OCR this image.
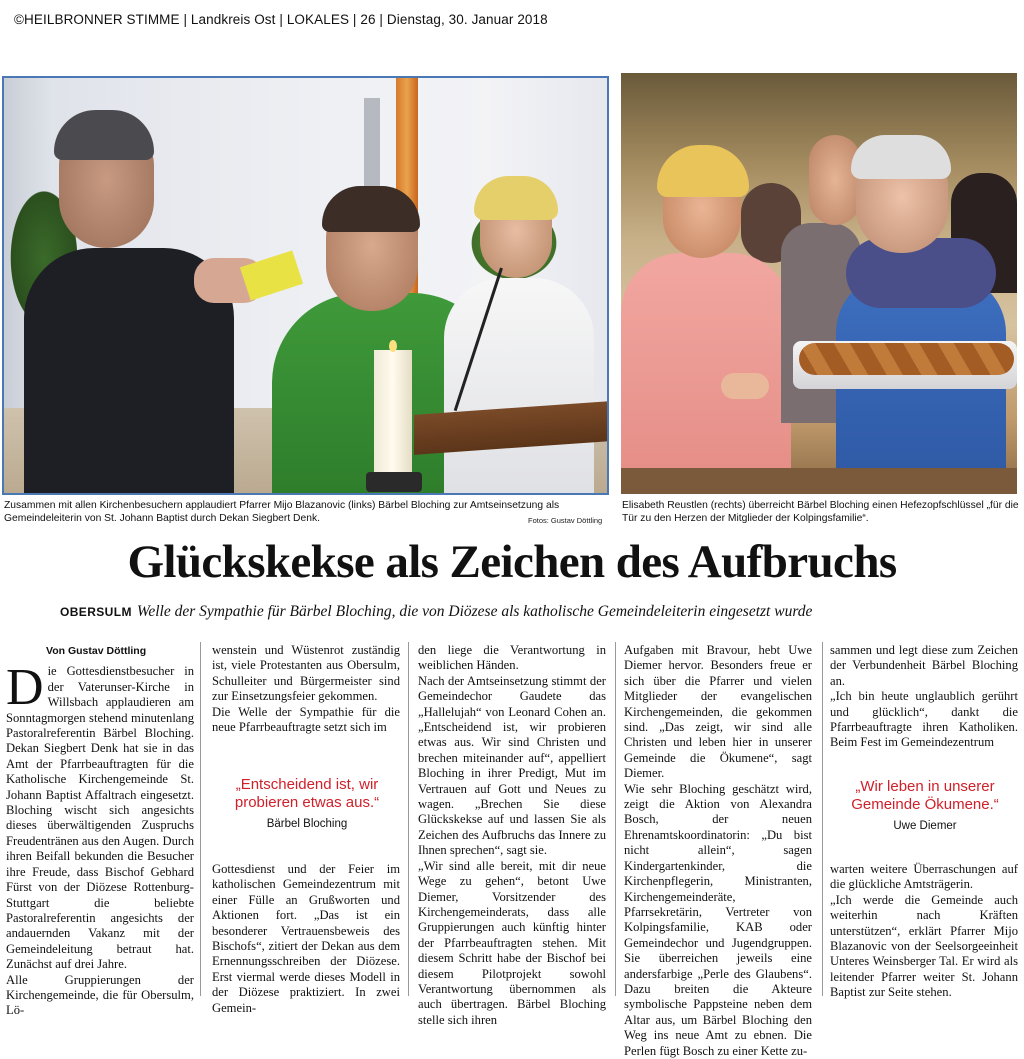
©HEILBRONNER STIMME | Landkreis Ost | LOKALES | 26 | Dienstag, 30. Januar 2018
Zusammen mit allen Kirchenbesuchern applaudiert Pfarrer Mijo Blazanovic (links) Bärbel Bloching zur Amtseinsetzung als Gemeindeleiterin von St. Johann Baptist durch Dekan Siegbert Denk.	Fotos: Gustav Döttling
Elisabeth Reustlen (rechts) überreicht Bärbel Bloching einen Hefezopfschlüssel „für die Tür zu den Herzen der Mitglieder der Kolpingsfamilie“.
Glückskekse als Zeichen des Aufbruchs
OBERSULM Welle der Sympathie für Bärbel Bloching, die von Diözese als katholische Gemeindeleiterin eingesetzt wurde
Von Gustav Döttling

Die Gottesdienstbesucher in der Vaterunser-Kirche in Willsbach applaudieren am Sonntagmorgen stehend minutenlang Pastoralreferentin Bärbel Bloching. Dekan Siegbert Denk hat sie in das Amt der Pfarrbeauftragten für die Katholische Kirchengemeinde St. Johann Baptist Affaltrach eingesetzt. Bloching wischt sich angesichts dieses überwältigenden Zuspruchs Freudentränen aus den Augen. Durch ihren Beifall bekunden die Besucher ihre Freude, dass Bischof Gebhard Fürst von der Diözese Rottenburg-Stuttgart die beliebte Pastoralreferentin angesichts der andauernden Vakanz mit der Gemeindeleitung betraut hat. Zunächst auf drei Jahre.
Alle Gruppierungen der Kirchengemeinde, die für Obersulm, Lö-

wenstein und Wüstenrot zuständig ist, viele Protestanten aus Obersulm, Schulleiter und Bürgermeister sind zur Einsetzungsfeier gekommen.
Die Welle der Sympathie für die neue Pfarrbeauftragte setzt sich im

„Entscheidend ist, wir probieren etwas aus.“
Bärbel Bloching

Gottesdienst und der Feier im katholischen Gemeindezentrum mit einer Fülle an Grußworten und Aktionen fort. „Das ist ein besonderer Vertrauensbeweis des Bischofs“, zitiert der Dekan aus dem Ernennungsschreiben der Diözese. Erst viermal werde dieses Modell in der Diözese praktiziert. In zwei Gemein-

den liege die Verantwortung in weiblichen Händen.
Nach der Amtseinsetzung stimmt der Gemeindechor Gaudete das „Hallelujah“ von Leonard Cohen an. „Entscheidend ist, wir probieren etwas aus. Wir sind Christen und brechen miteinander auf“, appelliert Bloching in ihrer Predigt, Mut im Vertrauen auf Gott und Neues zu wagen. „Brechen Sie diese Glückskekse auf und lassen Sie als Zeichen des Aufbruchs das Innere zu Ihnen sprechen“, sagt sie.
„Wir sind alle bereit, mit dir neue Wege zu gehen“, betont Uwe Diemer, Vorsitzender des Kirchengemeinderats, dass alle Gruppierungen auch künftig hinter der Pfarrbeauftragten stehen. Mit diesem Schritt habe der Bischof bei diesem Pilotprojekt sowohl Verantwortung übernommen als auch übertragen. Bärbel Bloching stelle sich ihren

Aufgaben mit Bravour, hebt Uwe Diemer hervor. Besonders freue er sich über die Pfarrer und vielen Mitglieder der evangelischen Kirchengemeinden, die gekommen sind. „Das zeigt, wir sind alle Christen und leben hier in unserer Gemeinde die Ökumene“, sagt Diemer.
Wie sehr Bloching geschätzt wird, zeigt die Aktion von Alexandra Bosch, der neuen Ehrenamtskoordinatorin: „Du bist nicht allein“, sagen Kindergartenkinder, die Kirchenpflegerin, Ministranten, Kirchengemeinderäte, Pfarrsekretärin, Vertreter von Kolpingsfamilie, KAB oder Gemeindechor und Jugendgruppen. Sie überreichen jeweils eine andersfarbige „Perle des Glaubens“. Dazu breiten die Akteure symbolische Pappsteine neben dem Altar aus, um Bärbel Bloching den Weg ins neue Amt zu ebnen. Die Perlen fügt Bosch zu einer Kette zu-

sammen und legt diese zum Zeichen der Verbundenheit Bärbel Bloching an.
„Ich bin heute unglaublich gerührt und glücklich“, dankt die Pfarrbeauftragte ihren Katholiken. Beim Fest im Gemeindezentrum

„Wir leben in unserer Gemeinde Ökumene.“
Uwe Diemer

warten weitere Überraschungen auf die glückliche Amtsträgerin.
„Ich werde die Gemeinde auch weiterhin nach Kräften unterstützen“, erklärt Pfarrer Mijo Blazanovic von der Seelsorgeeinheit Unteres Weinsberger Tal. Er wird als leitender Pfarrer weiter St. Johann Baptist zur Seite stehen.
